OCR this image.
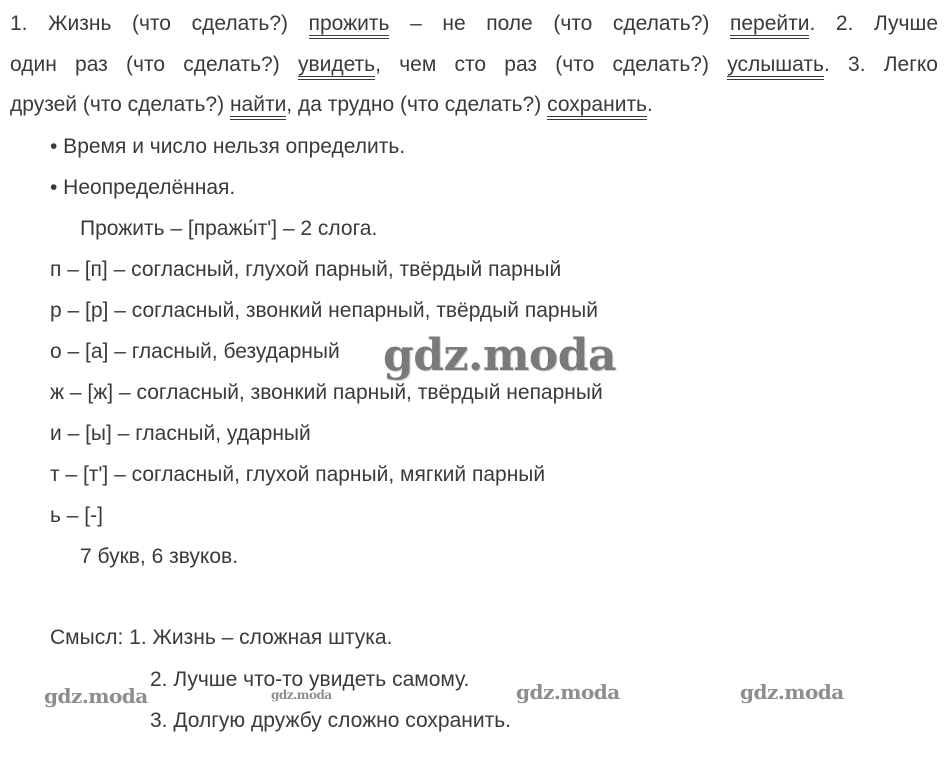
1. Жизнь (что сделать?) прожить – не поле (что сделать?) перейти. 2. Лучше
один раз (что сделать?) увидеть, чем сто раз (что сделать?) услышать. 3. Легко
друзей (что сделать?) найти, да трудно (что сделать?) сохранить.
• Время и число нельзя определить.
• Неопределённая.
Прожить – [пражы́т'] – 2 слога.
п – [п] – согласный, глухой парный, твёрдый парный
р – [р] – согласный, звонкий непарный, твёрдый парный
о – [а] – гласный, безударный
ж – [ж] – согласный, звонкий парный, твёрдый непарный
и – [ы] – гласный, ударный
т – [т'] – согласный, глухой парный, мягкий парный
ь – [-]
7 букв, 6 звуков.
Смысл: 1. Жизнь – сложная штука.
2. Лучше что-то увидеть самому.
3. Долгую дружбу сложно сохранить.
gdz.moda
gdz.moda	gdz.moda	gdz.moda	gdz.moda
